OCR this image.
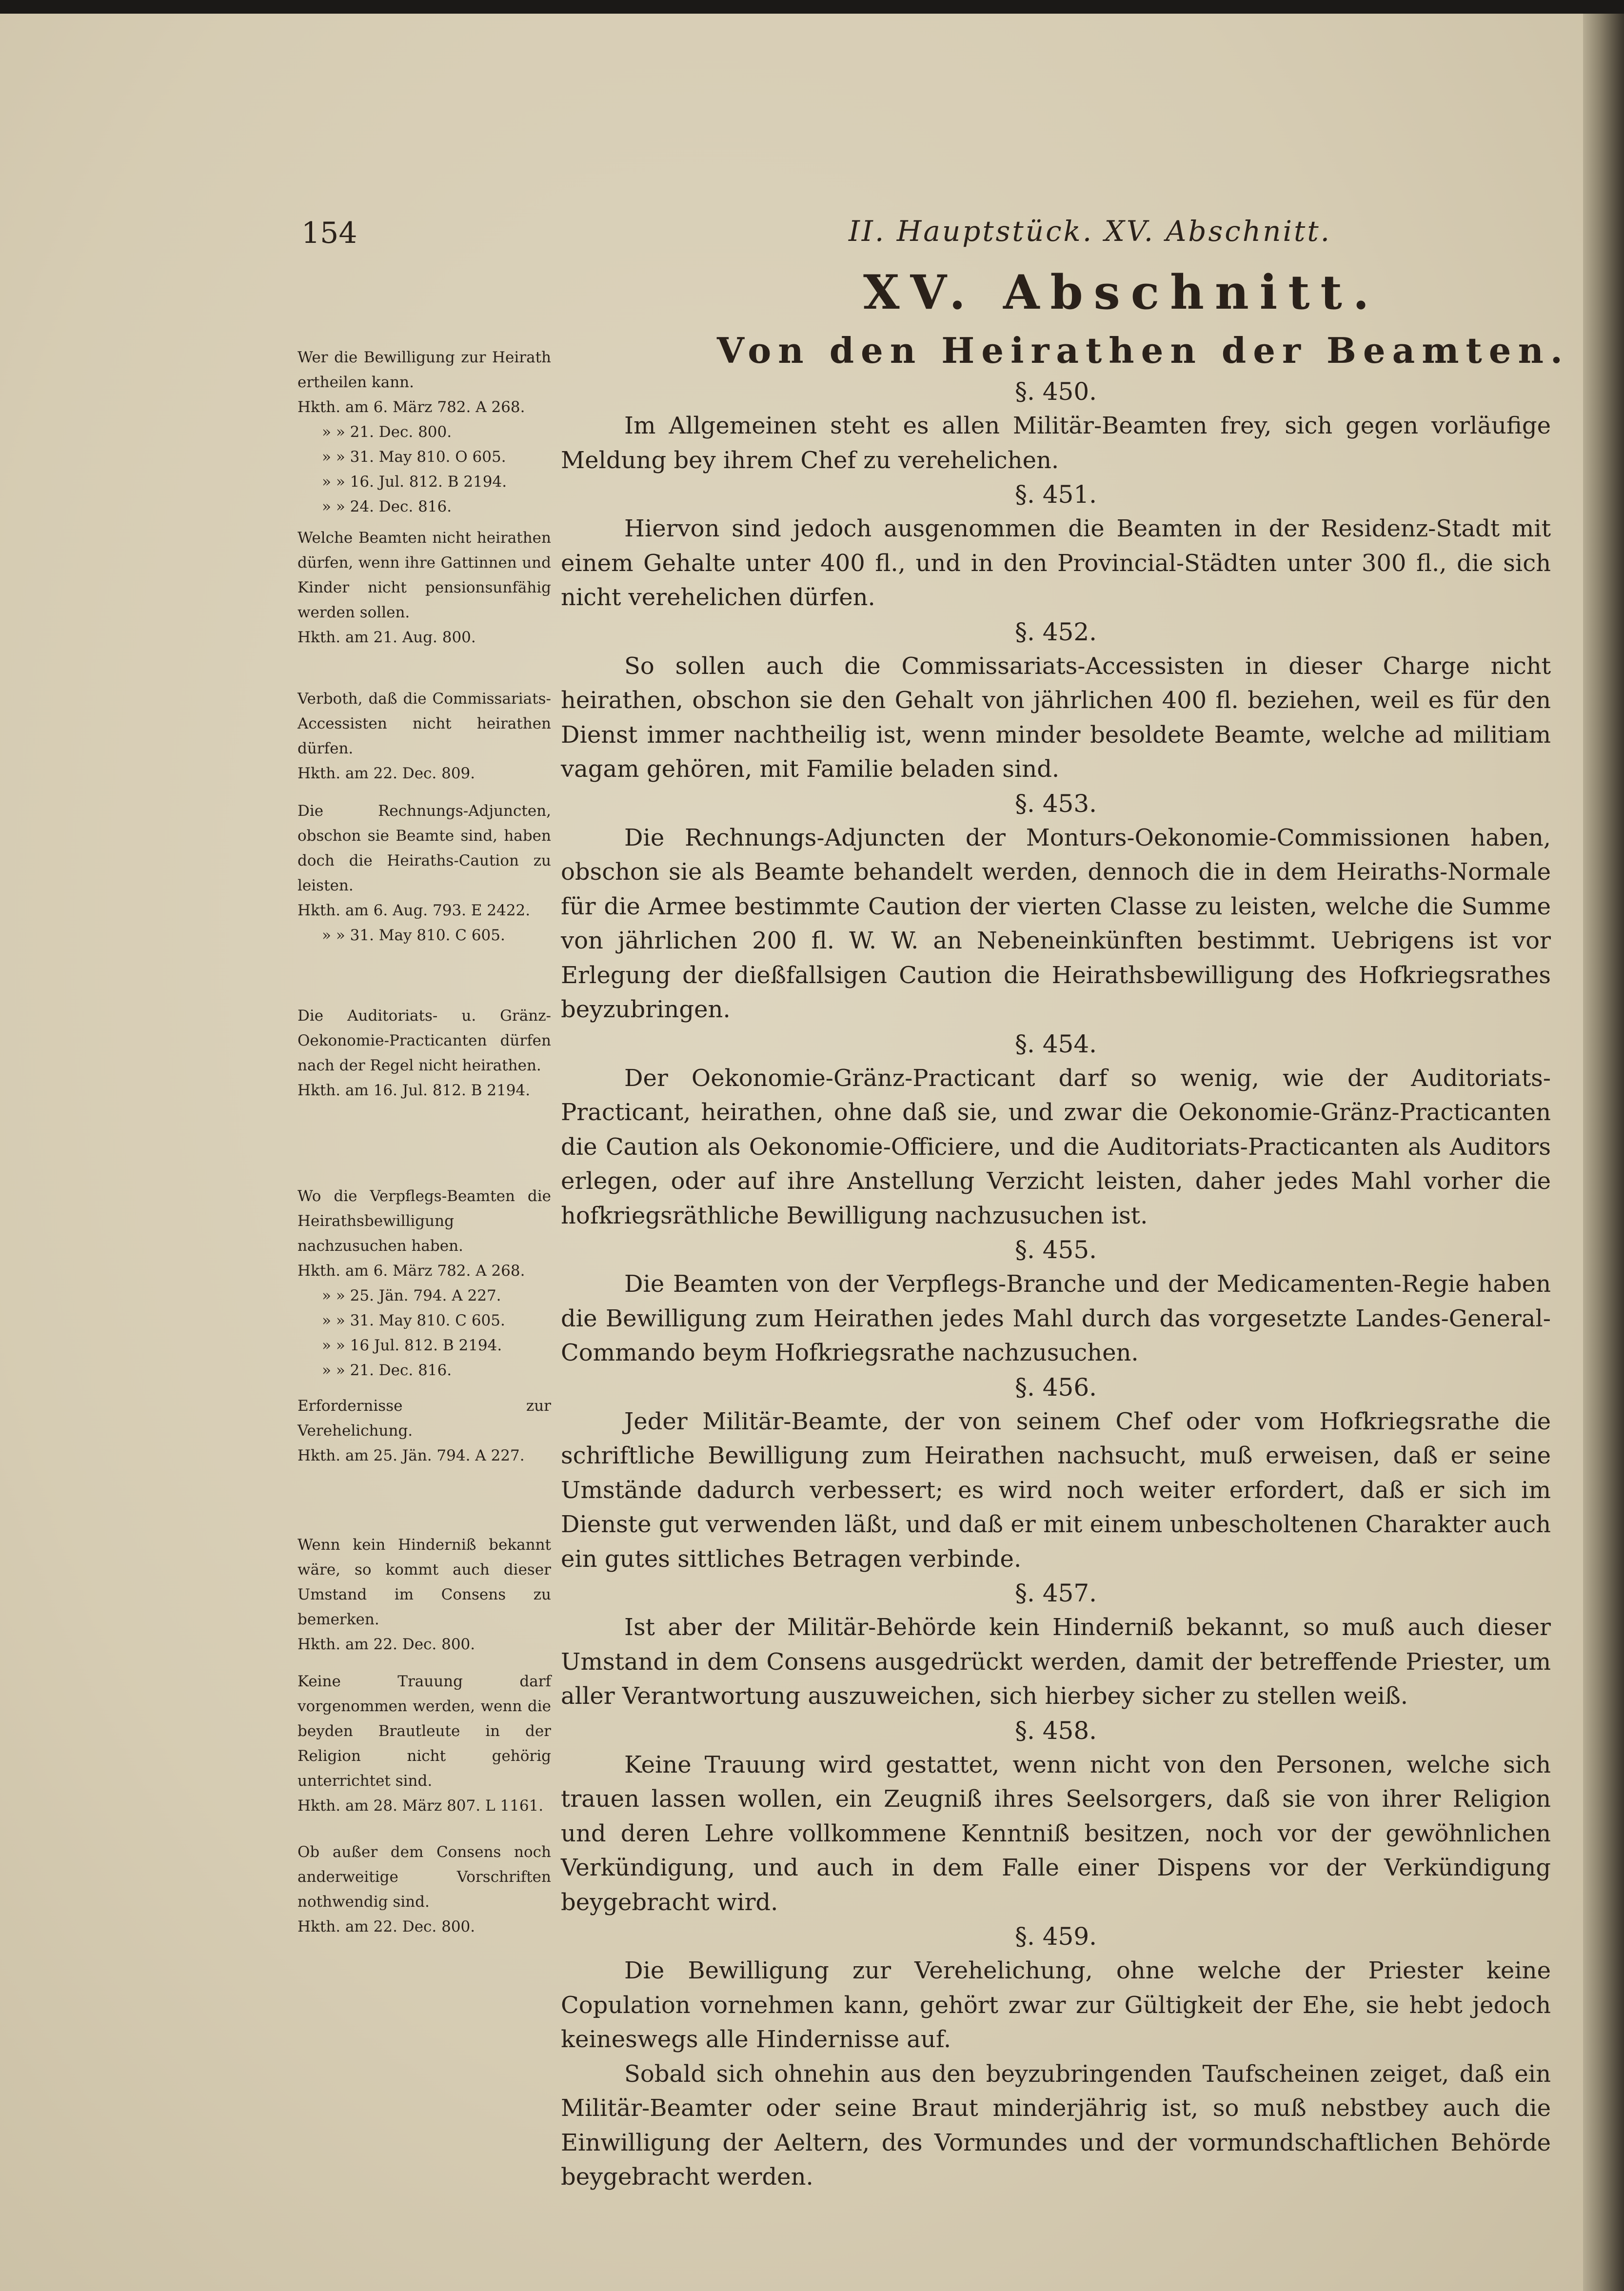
154	II. Hauptstück. XV. Abschnitt.
XV. Abschnitt.
Von den Heirathen der Beamten.

§. 450.

Im Allgemeinen steht es allen Militär-Beamten frey, sich gegen vorläufige Meldung bey ihrem Chef zu verehelichen.

§. 451.

Hiervon sind jedoch ausgenommen die Beamten in der Residenz-Stadt mit einem Gehalte unter 400 fl., und in den Provincial-Städten unter 300 fl., die sich nicht verehelichen dürfen.

§. 452.

So sollen auch die Commissariats-Accessisten in dieser Charge nicht heirathen, obschon sie den Gehalt von jährlichen 400 fl. beziehen, weil es für den Dienst immer nachtheilig ist, wenn minder besoldete Beamte, welche ad militiam vagam gehören, mit Familie beladen sind.

§. 453.

Die Rechnungs-Adjuncten der Monturs-Oekonomie-Commissionen haben, obschon sie als Beamte behandelt werden, dennoch die in dem Heiraths-Normale für die Armee bestimmte Caution der vierten Classe zu leisten, welche die Summe von jährlichen 200 fl. W. W. an Nebeneinkünften bestimmt. Uebrigens ist vor Erlegung der dießfallsigen Caution die Heirathsbewilligung des Hofkriegsrathes beyzubringen.

§. 454.

Der Oekonomie-Gränz-Practicant darf so wenig, wie der Auditoriats-Practicant, heirathen, ohne daß sie, und zwar die Oekonomie-Gränz-Practicanten die Caution als Oekonomie-Officiere, und die Auditoriats-Practicanten als Auditors erlegen, oder auf ihre Anstellung Verzicht leisten, daher jedes Mahl vorher die hofkriegsräthliche Bewilligung nachzusuchen ist.

§. 455.

Die Beamten von der Verpflegs-Branche und der Medicamenten-Regie haben die Bewilligung zum Heirathen jedes Mahl durch das vorgesetzte Landes-General-Commando beym Hofkriegsrathe nachzusuchen.

§. 456.

Jeder Militär-Beamte, der von seinem Chef oder vom Hofkriegsrathe die schriftliche Bewilligung zum Heirathen nachsucht, muß erweisen, daß er seine Umstände dadurch verbessert; es wird noch weiter erfordert, daß er sich im Dienste gut verwenden läßt, und daß er mit einem unbescholtenen Charakter auch ein gutes sittliches Betragen verbinde.

§. 457.

Ist aber der Militär-Behörde kein Hinderniß bekannt, so muß auch dieser Umstand in dem Consens ausgedrückt werden, damit der betreffende Priester, um aller Verantwortung auszuweichen, sich hierbey sicher zu stellen weiß.

§. 458.

Keine Trauung wird gestattet, wenn nicht von den Personen, welche sich trauen lassen wollen, ein Zeugniß ihres Seelsorgers, daß sie von ihrer Religion und deren Lehre vollkommene Kenntniß besitzen, noch vor der gewöhnlichen Verkündigung, und auch in dem Falle einer Dispens vor der Verkündigung beygebracht wird.

§. 459.

Die Bewilligung zur Verehelichung, ohne welche der Priester keine Copulation vornehmen kann, gehört zwar zur Gültigkeit der Ehe, sie hebt jedoch keineswegs alle Hindernisse auf.

Sobald sich ohnehin aus den beyzubringenden Taufscheinen zeiget, daß ein Militär-Beamter oder seine Braut minderjährig ist, so muß nebstbey auch die Einwilligung der Aeltern, des Vormundes und der vormundschaftlichen Behörde beygebracht werden.

Wer die Bewilligung zur Heirath ertheilen kann.

Hkth. am 6. März 782. A 268.

» » 21. Dec. 800.

» » 31. May 810. O 605.

» » 16. Jul. 812. B 2194.

» » 24. Dec. 816.

Welche Beamten nicht heirathen dürfen, wenn ihre Gattinnen und Kinder nicht pensionsunfähig werden sollen.

Hkth. am 21. Aug. 800.

Verboth, daß die Commissariats-Accessisten nicht heirathen dürfen.

Hkth. am 22. Dec. 809.

Die Rechnungs-Adjuncten, obschon sie Beamte sind, haben doch die Heiraths-Caution zu leisten.

Hkth. am 6. Aug. 793. E 2422.

» » 31. May 810. C 605.

Die Auditoriats- u. Gränz-Oekonomie-Practicanten dürfen nach der Regel nicht heirathen.

Hkth. am 16. Jul. 812. B 2194.

Wo die Verpflegs-Beamten die Heirathsbewilligung nachzusuchen haben.

Hkth. am 6. März 782. A 268.

» » 25. Jän. 794. A 227.

» » 31. May 810. C 605.

» » 16 Jul. 812. B 2194.

» » 21. Dec. 816.

Erfordernisse zur Verehelichung.

Hkth. am 25. Jän. 794. A 227.

Wenn kein Hinderniß bekannt wäre, so kommt auch dieser Umstand im Consens zu bemerken.

Hkth. am 22. Dec. 800.

Keine Trauung darf vorgenommen werden, wenn die beyden Brautleute in der Religion nicht gehörig unterrichtet sind.

Hkth. am 28. März 807. L 1161.

Ob außer dem Consens noch anderweitige Vorschriften nothwendig sind.

Hkth. am 22. Dec. 800.
